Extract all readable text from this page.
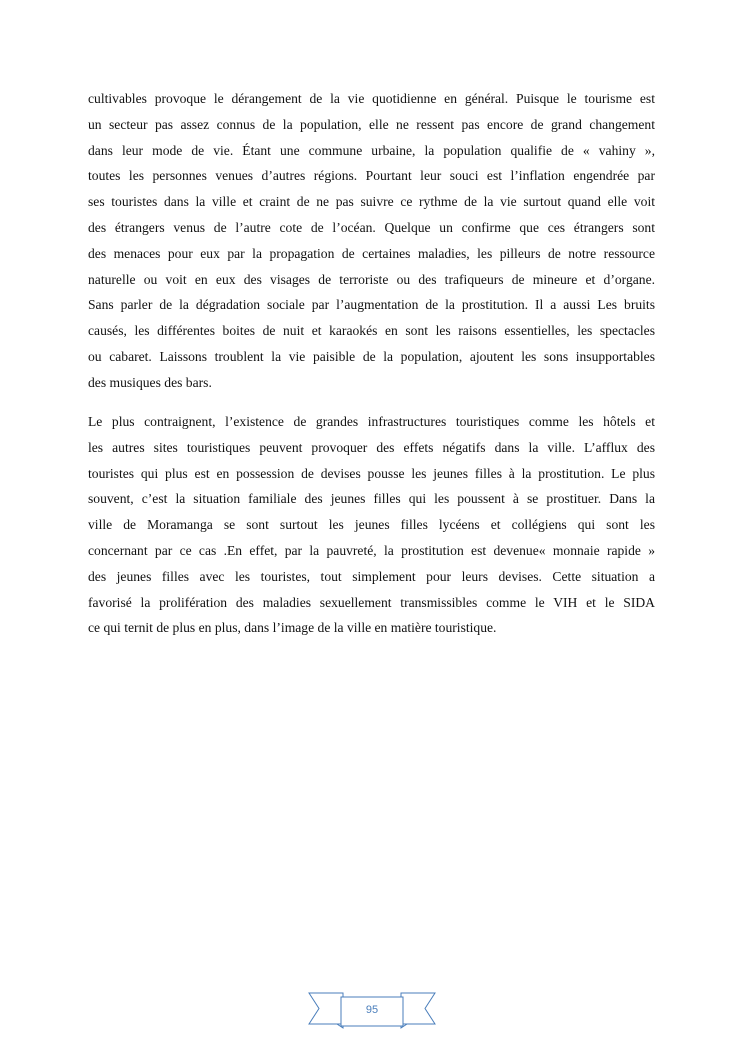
cultivables provoque le dérangement de la vie quotidienne en général. Puisque le tourisme est
un secteur pas assez connus de la population, elle ne ressent pas encore de grand changement
dans leur mode de vie. Étant une commune urbaine, la population qualifie de « vahiny »,
toutes les personnes venues d’autres régions. Pourtant leur souci est l’inflation engendrée par
ses touristes dans la ville et craint de ne pas suivre ce rythme de la vie surtout quand elle voit
des étrangers venus de l’autre cote de l’océan. Quelque un confirme que ces étrangers sont
des menaces pour eux par la propagation de certaines maladies, les pilleurs de notre ressource
naturelle ou voit en eux des visages de terroriste ou des trafiqueurs de mineure et d’organe.
Sans parler de la dégradation sociale par l’augmentation de la prostitution. Il a aussi Les bruits
causés, les différentes boites de nuit et karaokés en sont les raisons essentielles, les spectacles
ou cabaret. Laissons troublent la vie paisible de la population, ajoutent les sons insupportables
des musiques des bars.
Le plus contraignent, l’existence de grandes infrastructures touristiques comme les hôtels et
les autres sites touristiques peuvent provoquer des effets négatifs dans la ville. L’afflux des
touristes qui plus est en possession de devises pousse les jeunes filles à la prostitution. Le plus
souvent, c’est la situation familiale des jeunes filles qui les poussent à se prostituer. Dans la
ville de Moramanga se sont surtout les jeunes filles lycéens et collégiens qui sont les
concernant par ce cas .En effet, par la pauvreté, la prostitution est devenue« monnaie rapide »
des jeunes filles avec les touristes, tout simplement pour leurs devises. Cette situation a
favorisé la prolifération des maladies sexuellement transmissibles comme le VIH et le SIDA
ce qui ternit de plus en plus, dans l’image de la ville en matière touristique.
95
